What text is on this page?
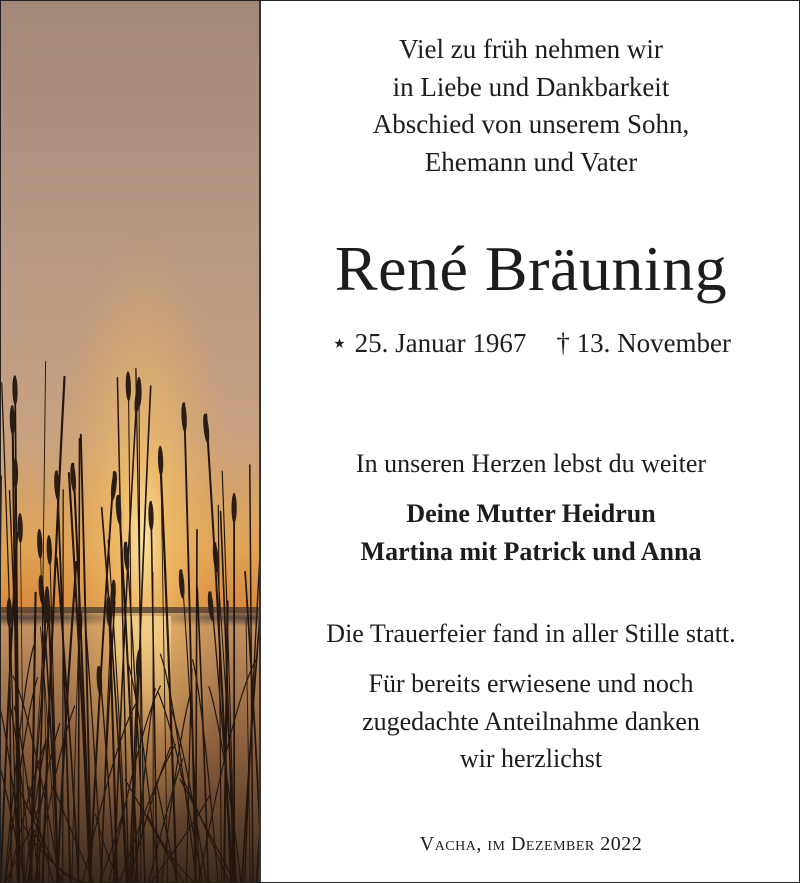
Viel zu früh nehmen wir
in Liebe und Dankbarkeit
Abschied von unserem Sohn,
Ehemann und Vater
René Bräuning
⋆ 25. Januar 1967 † 13. November
In unseren Herzen lebst du weiter
Deine Mutter Heidrun
Martina mit Patrick und Anna
Die Trauerfeier fand in aller Stille statt.
Für bereits erwiesene und noch
zugedachte Anteilnahme danken
wir herzlichst
Vacha, im Dezember 2022
